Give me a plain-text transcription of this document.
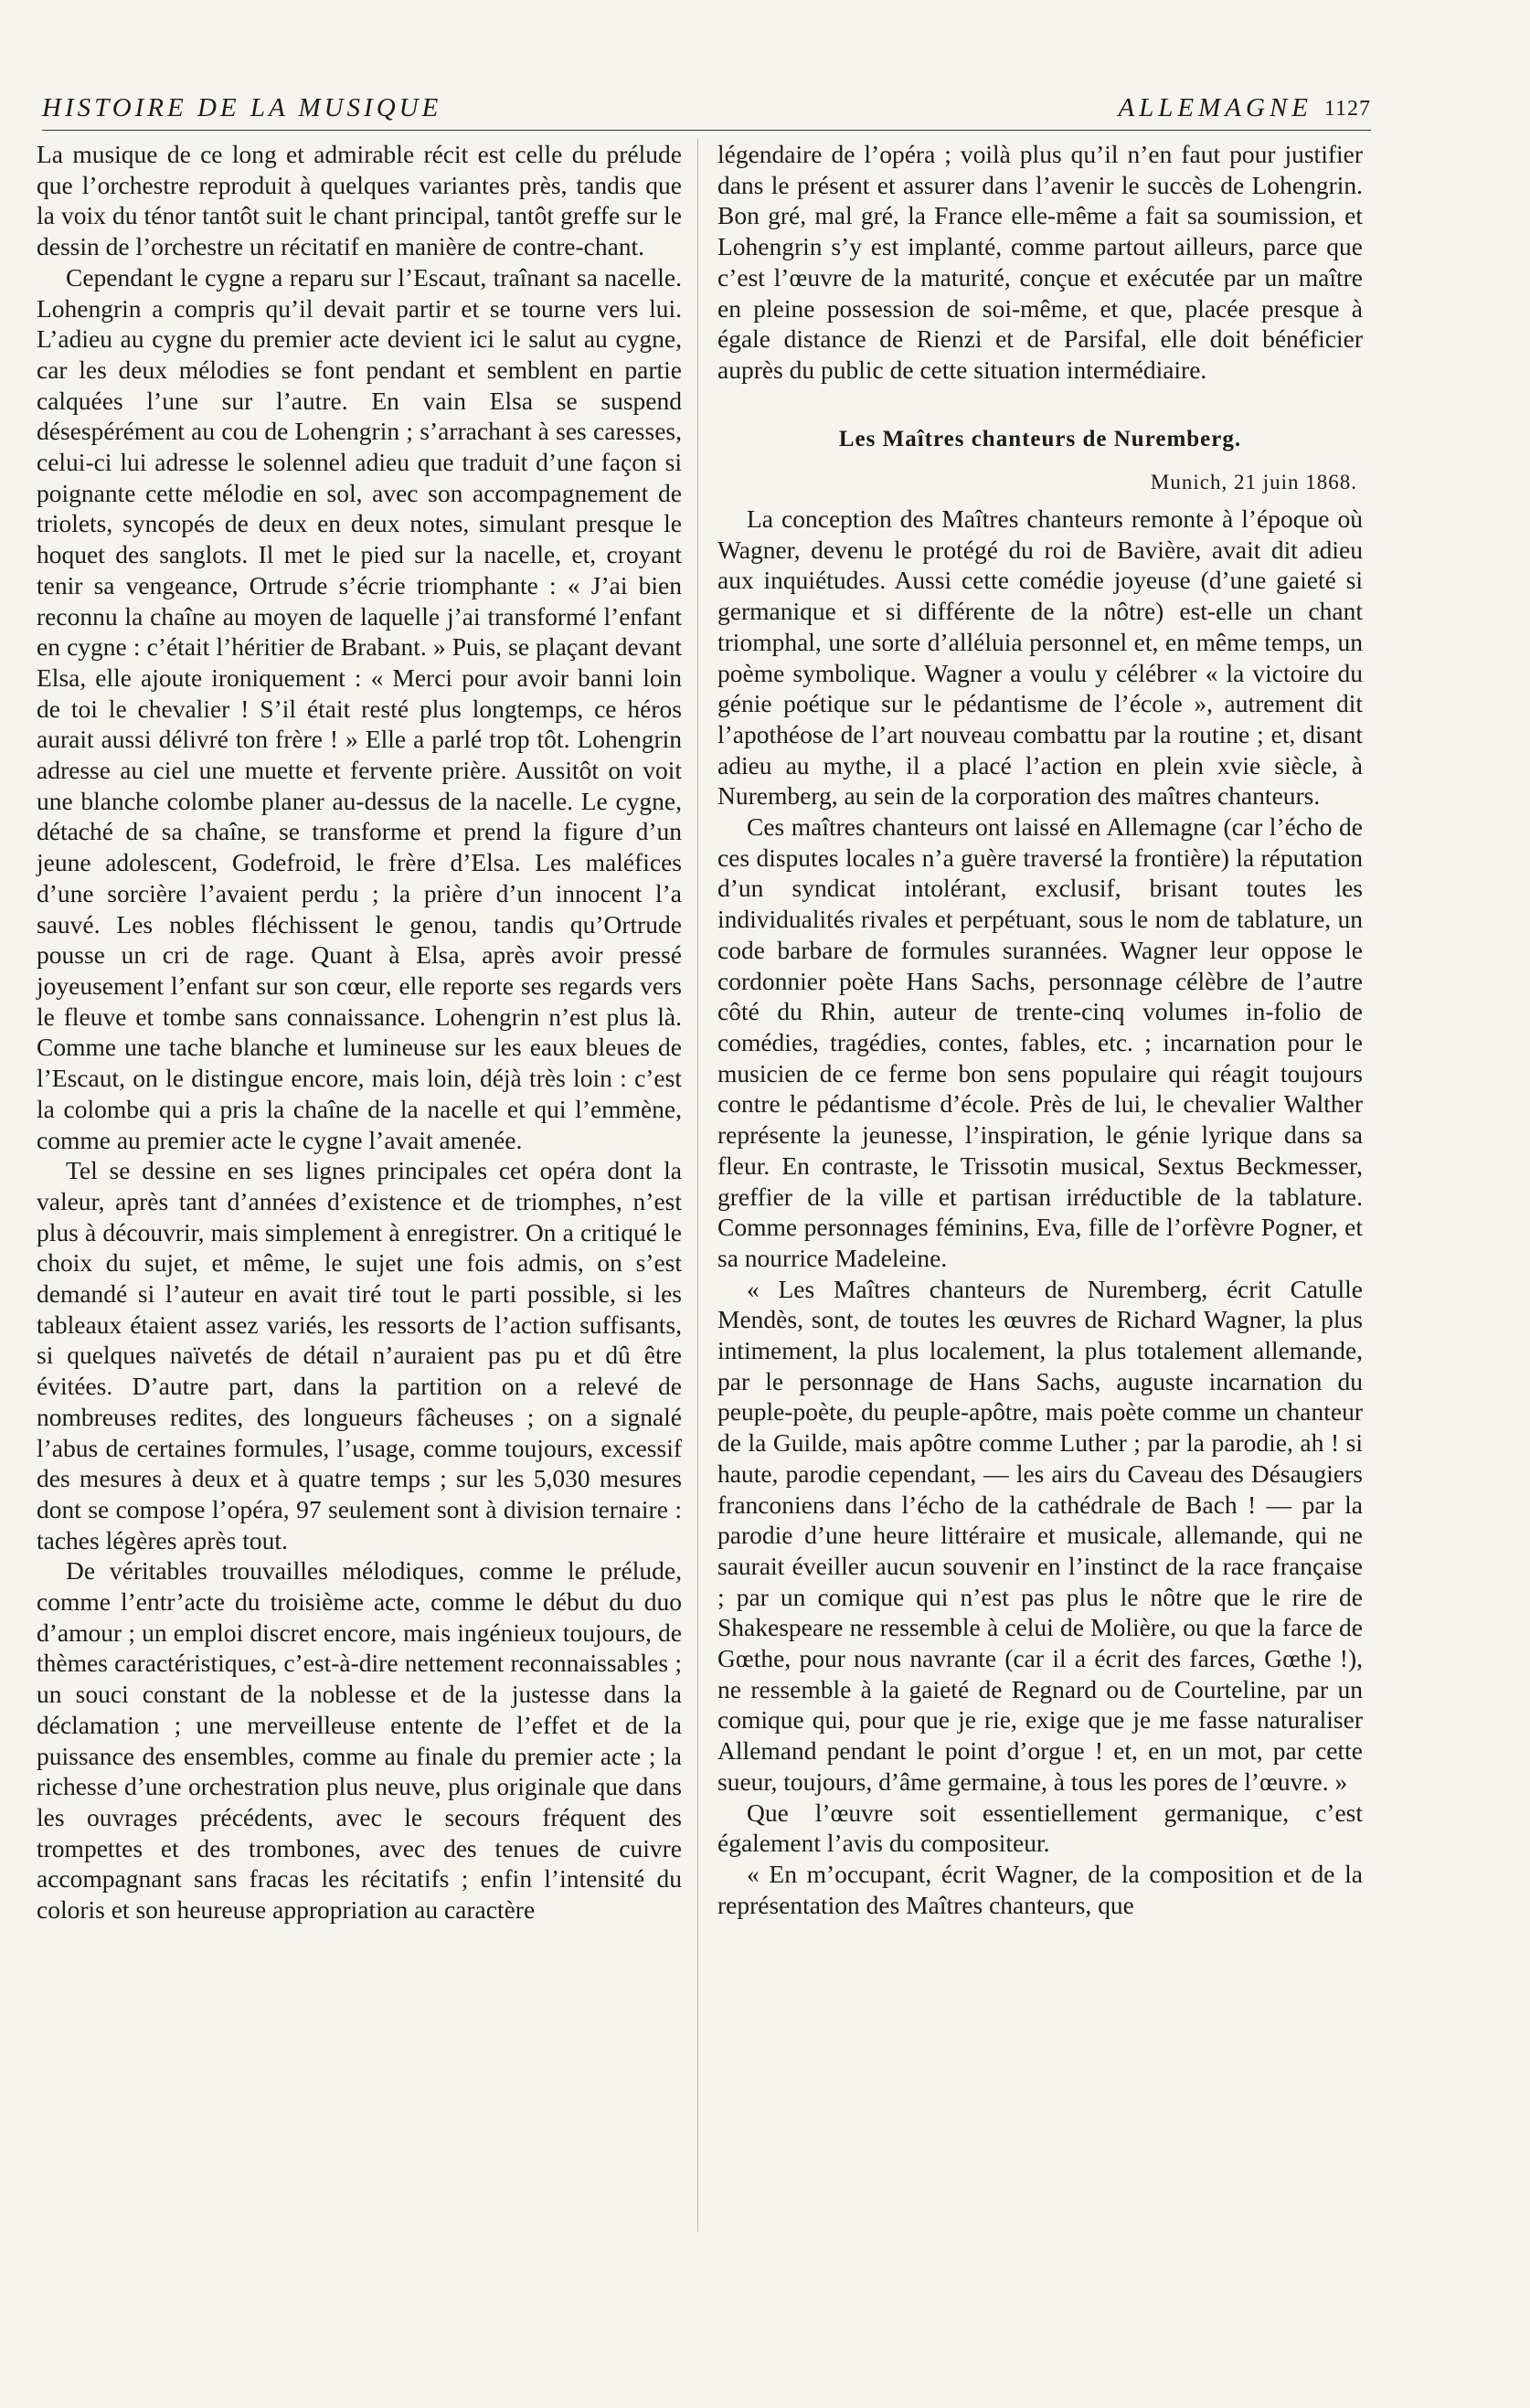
HISTOIRE DE LA MUSIQUE	ALLEMAGNE 1127

La musique de ce long et admirable récit est celle du prélude que l’orchestre reproduit à quelques variantes près, tandis que la voix du ténor tantôt suit le chant principal, tantôt greffe sur le dessin de l’orchestre un récitatif en manière de contre-chant.

Cependant le cygne a reparu sur l’Escaut, traînant sa nacelle. Lohengrin a compris qu’il devait partir et se tourne vers lui. L’adieu au cygne du premier acte devient ici le salut au cygne, car les deux mélodies se font pendant et semblent en partie calquées l’une sur l’autre. En vain Elsa se suspend désespérément au cou de Lohengrin ; s’arrachant à ses caresses, celui-ci lui adresse le solennel adieu que traduit d’une façon si poignante cette mélodie en sol, avec son accompagnement de triolets, syncopés de deux en deux notes, simulant presque le hoquet des sanglots. Il met le pied sur la nacelle, et, croyant tenir sa vengeance, Ortrude s’écrie triomphante : « J’ai bien reconnu la chaîne au moyen de laquelle j’ai transformé l’enfant en cygne : c’était l’héritier de Brabant. » Puis, se plaçant devant Elsa, elle ajoute ironiquement : « Merci pour avoir banni loin de toi le chevalier ! S’il était resté plus longtemps, ce héros aurait aussi délivré ton frère ! » Elle a parlé trop tôt. Lohengrin adresse au ciel une muette et fervente prière. Aussitôt on voit une blanche colombe planer au-dessus de la nacelle. Le cygne, détaché de sa chaîne, se transforme et prend la figure d’un jeune adolescent, Godefroid, le frère d’Elsa. Les maléfices d’une sorcière l’avaient perdu ; la prière d’un innocent l’a sauvé. Les nobles fléchissent le genou, tandis qu’Ortrude pousse un cri de rage. Quant à Elsa, après avoir pressé joyeusement l’enfant sur son cœur, elle reporte ses regards vers le fleuve et tombe sans connaissance. Lohengrin n’est plus là. Comme une tache blanche et lumineuse sur les eaux bleues de l’Escaut, on le distingue encore, mais loin, déjà très loin : c’est la colombe qui a pris la chaîne de la nacelle et qui l’emmène, comme au premier acte le cygne l’avait amenée.

Tel se dessine en ses lignes principales cet opéra dont la valeur, après tant d’années d’existence et de triomphes, n’est plus à découvrir, mais simplement à enregistrer. On a critiqué le choix du sujet, et même, le sujet une fois admis, on s’est demandé si l’auteur en avait tiré tout le parti possible, si les tableaux étaient assez variés, les ressorts de l’action suffisants, si quelques naïvetés de détail n’auraient pas pu et dû être évitées. D’autre part, dans la partition on a relevé de nombreuses redites, des longueurs fâcheuses ; on a signalé l’abus de certaines formules, l’usage, comme toujours, excessif des mesures à deux et à quatre temps ; sur les 5,030 mesures dont se compose l’opéra, 97 seulement sont à division ternaire : taches légères après tout.

De véritables trouvailles mélodiques, comme le prélude, comme l’entr’acte du troisième acte, comme le début du duo d’amour ; un emploi discret encore, mais ingénieux toujours, de thèmes caractéristiques, c’est-à-dire nettement reconnaissables ; un souci constant de la noblesse et de la justesse dans la déclamation ; une merveilleuse entente de l’effet et de la puissance des ensembles, comme au finale du premier acte ; la richesse d’une orchestration plus neuve, plus originale que dans les ouvrages précédents, avec le secours fréquent des trompettes et des trombones, avec des tenues de cuivre accompagnant sans fracas les récitatifs ; enfin l’intensité du coloris et son heureuse appropriation au caractère

légendaire de l’opéra ; voilà plus qu’il n’en faut pour justifier dans le présent et assurer dans l’avenir le succès de Lohengrin. Bon gré, mal gré, la France elle-même a fait sa soumission, et Lohengrin s’y est implanté, comme partout ailleurs, parce que c’est l’œuvre de la maturité, conçue et exécutée par un maître en pleine possession de soi-même, et que, placée presque à égale distance de Rienzi et de Parsifal, elle doit bénéficier auprès du public de cette situation intermédiaire.

Les Maîtres chanteurs de Nuremberg.
Munich, 21 juin 1868.

La conception des Maîtres chanteurs remonte à l’époque où Wagner, devenu le protégé du roi de Bavière, avait dit adieu aux inquiétudes. Aussi cette comédie joyeuse (d’une gaieté si germanique et si différente de la nôtre) est-elle un chant triomphal, une sorte d’alléluia personnel et, en même temps, un poème symbolique. Wagner a voulu y célébrer « la victoire du génie poétique sur le pédantisme de l’école », autrement dit l’apothéose de l’art nouveau combattu par la routine ; et, disant adieu au mythe, il a placé l’action en plein xvie siècle, à Nuremberg, au sein de la corporation des maîtres chanteurs.

Ces maîtres chanteurs ont laissé en Allemagne (car l’écho de ces disputes locales n’a guère traversé la frontière) la réputation d’un syndicat intolérant, exclusif, brisant toutes les individualités rivales et perpétuant, sous le nom de tablature, un code barbare de formules surannées. Wagner leur oppose le cordonnier poète Hans Sachs, personnage célèbre de l’autre côté du Rhin, auteur de trente-cinq volumes in-folio de comédies, tragédies, contes, fables, etc. ; incarnation pour le musicien de ce ferme bon sens populaire qui réagit toujours contre le pédantisme d’école. Près de lui, le chevalier Walther représente la jeunesse, l’inspiration, le génie lyrique dans sa fleur. En contraste, le Trissotin musical, Sextus Beckmesser, greffier de la ville et partisan irréductible de la tablature. Comme personnages féminins, Eva, fille de l’orfèvre Pogner, et sa nourrice Madeleine.

« Les Maîtres chanteurs de Nuremberg, écrit Catulle Mendès, sont, de toutes les œuvres de Richard Wagner, la plus intimement, la plus localement, la plus totalement allemande, par le personnage de Hans Sachs, auguste incarnation du peuple-poète, du peuple-apôtre, mais poète comme un chanteur de la Guilde, mais apôtre comme Luther ; par la parodie, ah ! si haute, parodie cependant, — les airs du Caveau des Désaugiers franconiens dans l’écho de la cathédrale de Bach ! — par la parodie d’une heure littéraire et musicale, allemande, qui ne saurait éveiller aucun souvenir en l’instinct de la race française ; par un comique qui n’est pas plus le nôtre que le rire de Shakespeare ne ressemble à celui de Molière, ou que la farce de Gœthe, pour nous navrante (car il a écrit des farces, Gœthe !), ne ressemble à la gaieté de Regnard ou de Courteline, par un comique qui, pour que je rie, exige que je me fasse naturaliser Allemand pendant le point d’orgue ! et, en un mot, par cette sueur, toujours, d’âme germaine, à tous les pores de l’œuvre. »

Que l’œuvre soit essentiellement germanique, c’est également l’avis du compositeur.

« En m’occupant, écrit Wagner, de la composition et de la représentation des Maîtres chanteurs, que
